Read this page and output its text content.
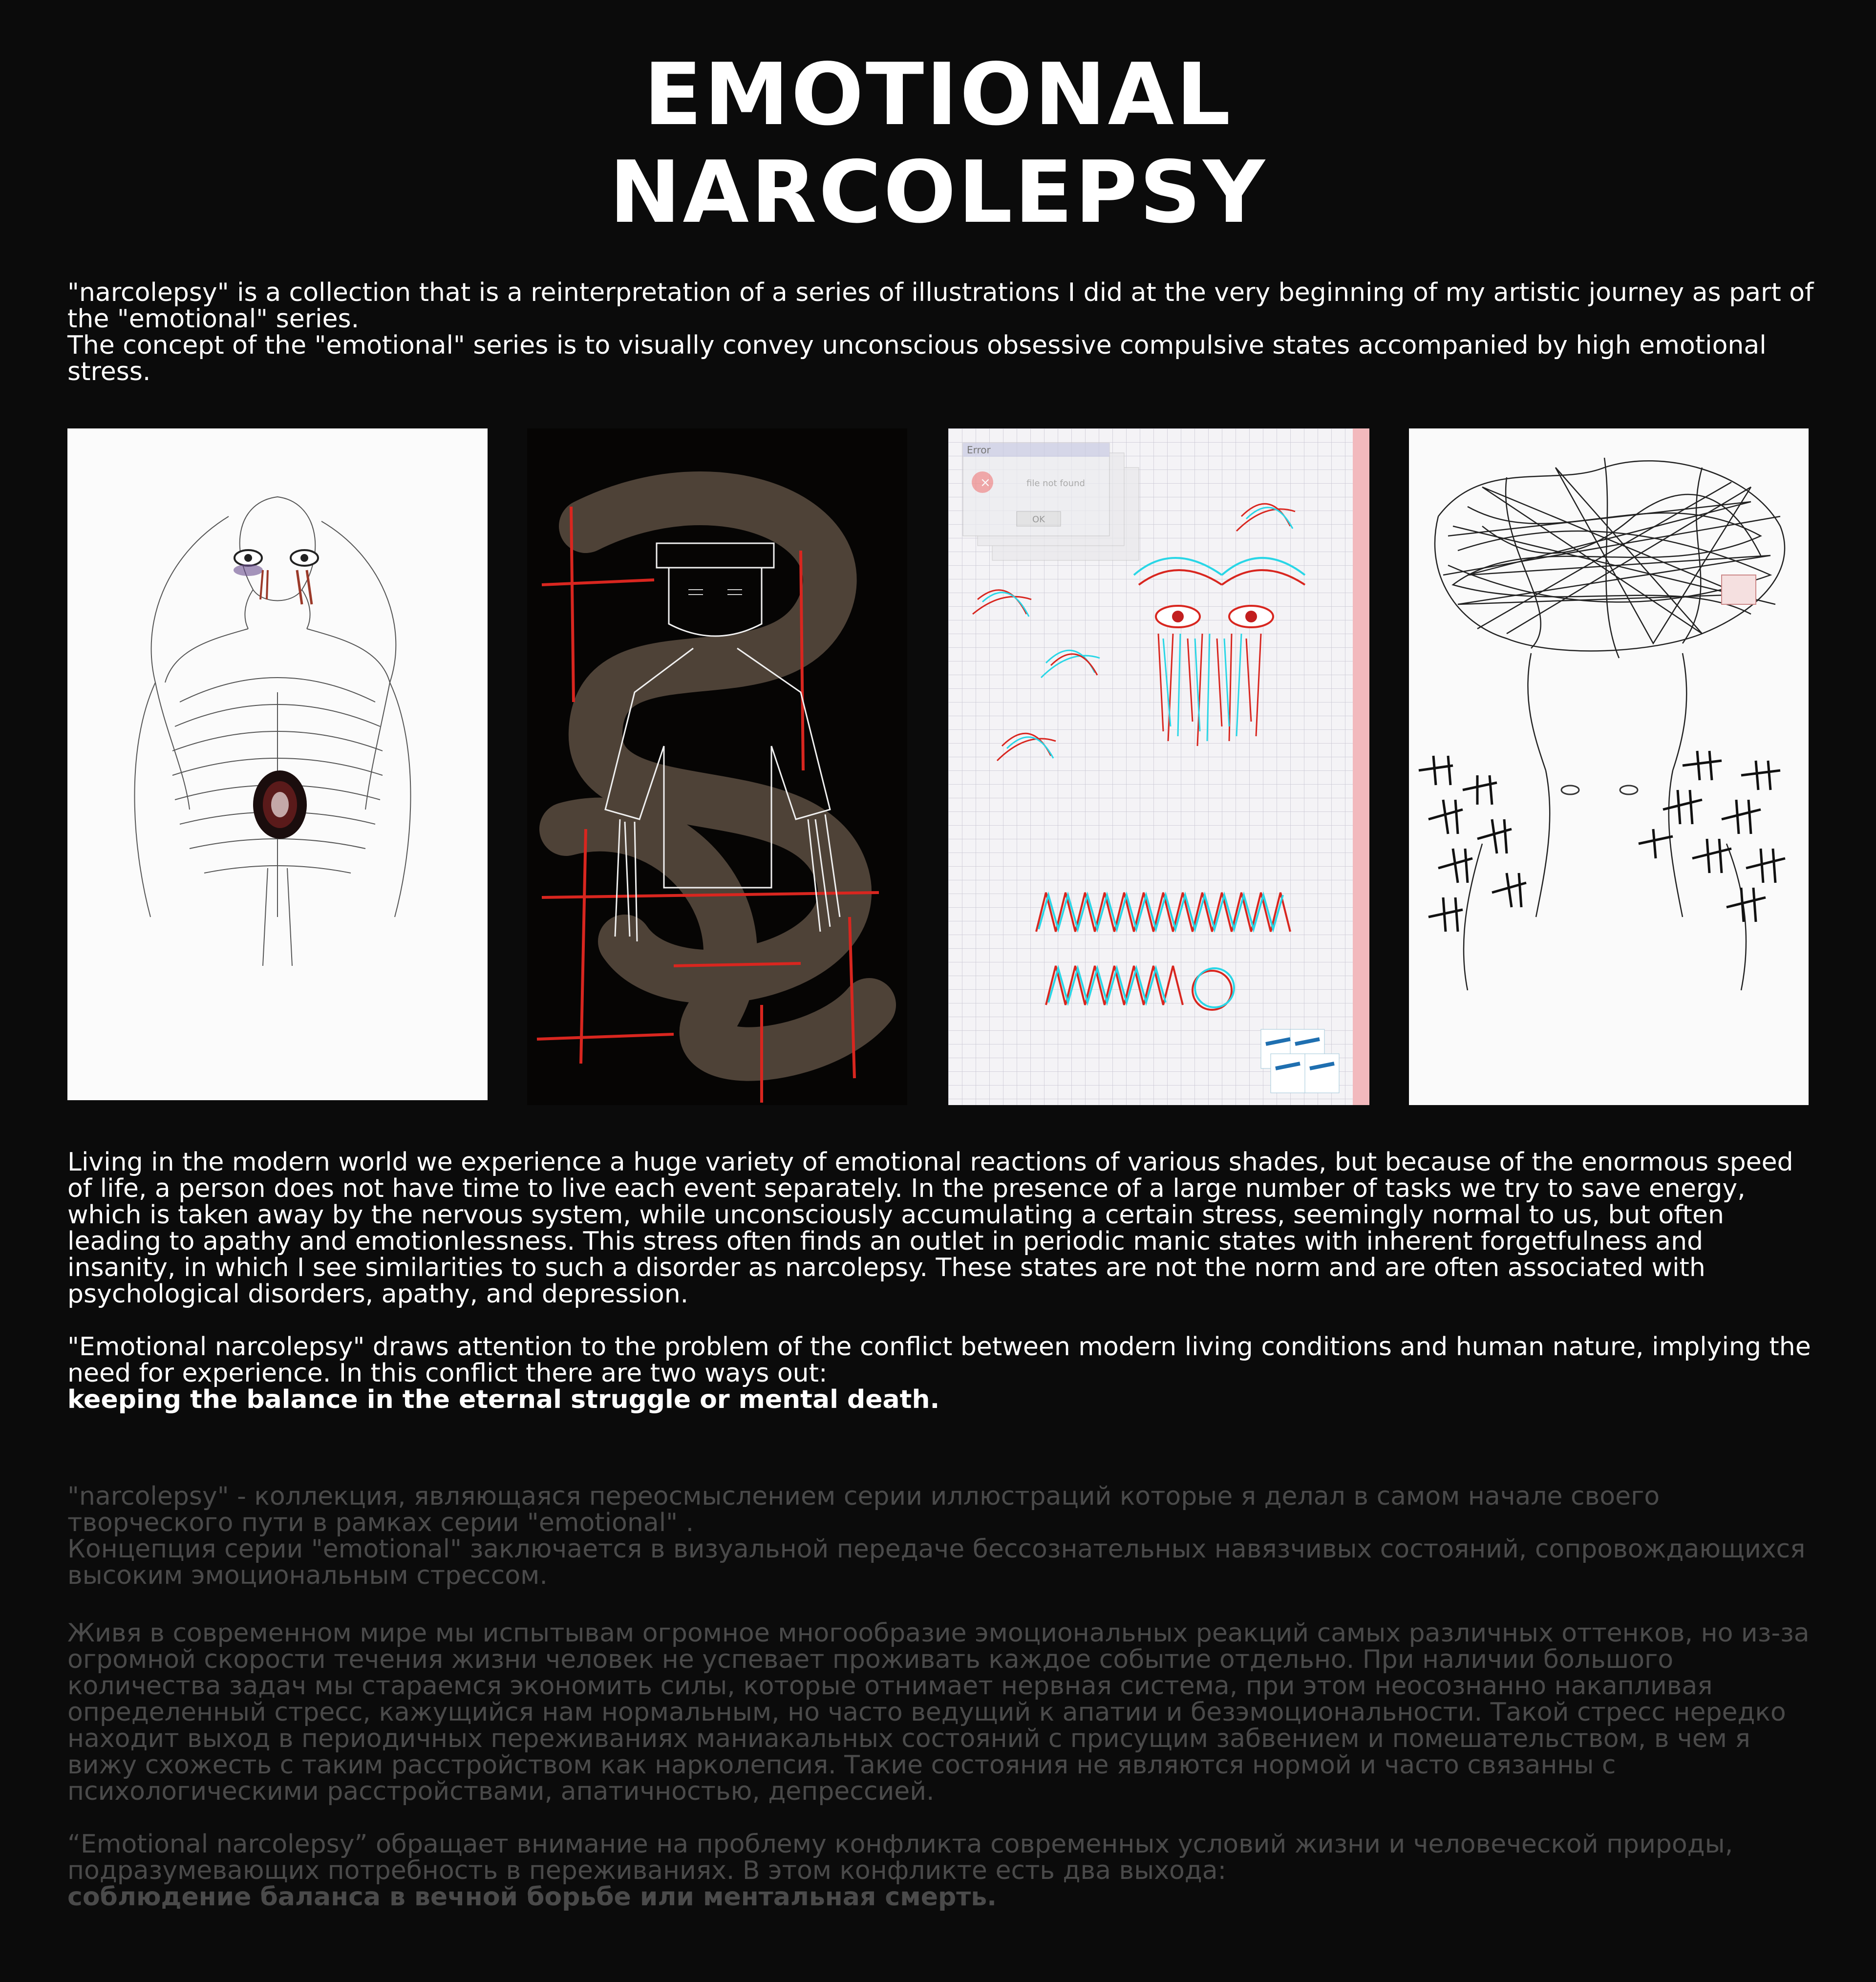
EMOTIONAL
NARCOLEPSY

"narcolepsy" is a collection that is a reinterpretation of a series of illustrations I did at the very beginning of my artistic journey as part of the "emotional" series.

The concept of the "emotional" series is to visually convey unconscious obsessive compulsive states accompanied by high emotional stress.

×
Error
file not found
OK

Living in the modern world we experience a huge variety of emotional reactions of various shades, but because of the enormous speed of life, a person does not have time to live each event separately. In the presence of a large number of tasks we try to save energy, which is taken away by the nervous system, while unconsciously accumulating a certain stress, seemingly normal to us, but often leading to apathy and emotionlessness. This stress often finds an outlet in periodic manic states with inherent forgetfulness and insanity, in which I see similarities to such a disorder as narcolepsy. These states are not the norm and are often associated with psychological disorders, apathy, and depression.

"Emotional narcolepsy" draws attention to the problem of the conflict between modern living conditions and human nature, implying the need for experience. In this conflict there are two ways out:

keeping the balance in the eternal struggle or mental death.

"narcolepsy" - коллекция, являющаяся переосмыслением серии иллюстраций которые я делал в самом начале своего творческого пути в рамках серии "emotional" .

Концепция серии "emotional" заключается в визуальной передаче бессознательных навязчивых состояний, сопровождающихся высоким эмоциональным стрессом.

Живя в современном мире мы испытывам огромное многообразие эмоциональных реакций самых различных оттенков, но из-за огромной скорости течения жизни человек не успевает проживать каждое событие отдельно. При наличии большого количества задач мы стараемся экономить силы, которые отнимает нервная система, при этом неосознанно накапливая определенный стресс, кажущийся нам нормальным, но часто ведущий к апатии и безэмоциональности. Такой стресс нередко находит выход в периодичных переживаниях маниакальных состояний с присущим забвением и помешательством, в чем я вижу схожесть с таким расстройством как нарколепсия. Такие состояния не являются нормой и часто связанны с психологическими расстройствами, апатичностью, депрессией.

“Emotional narcolepsy” обращает внимание на проблему конфликта современных условий жизни и человеческой природы, подразумевающих потребность в переживаниях. В этом конфликте есть два выхода:

соблюдение баланса в вечной борьбе или ментальная смерть.
